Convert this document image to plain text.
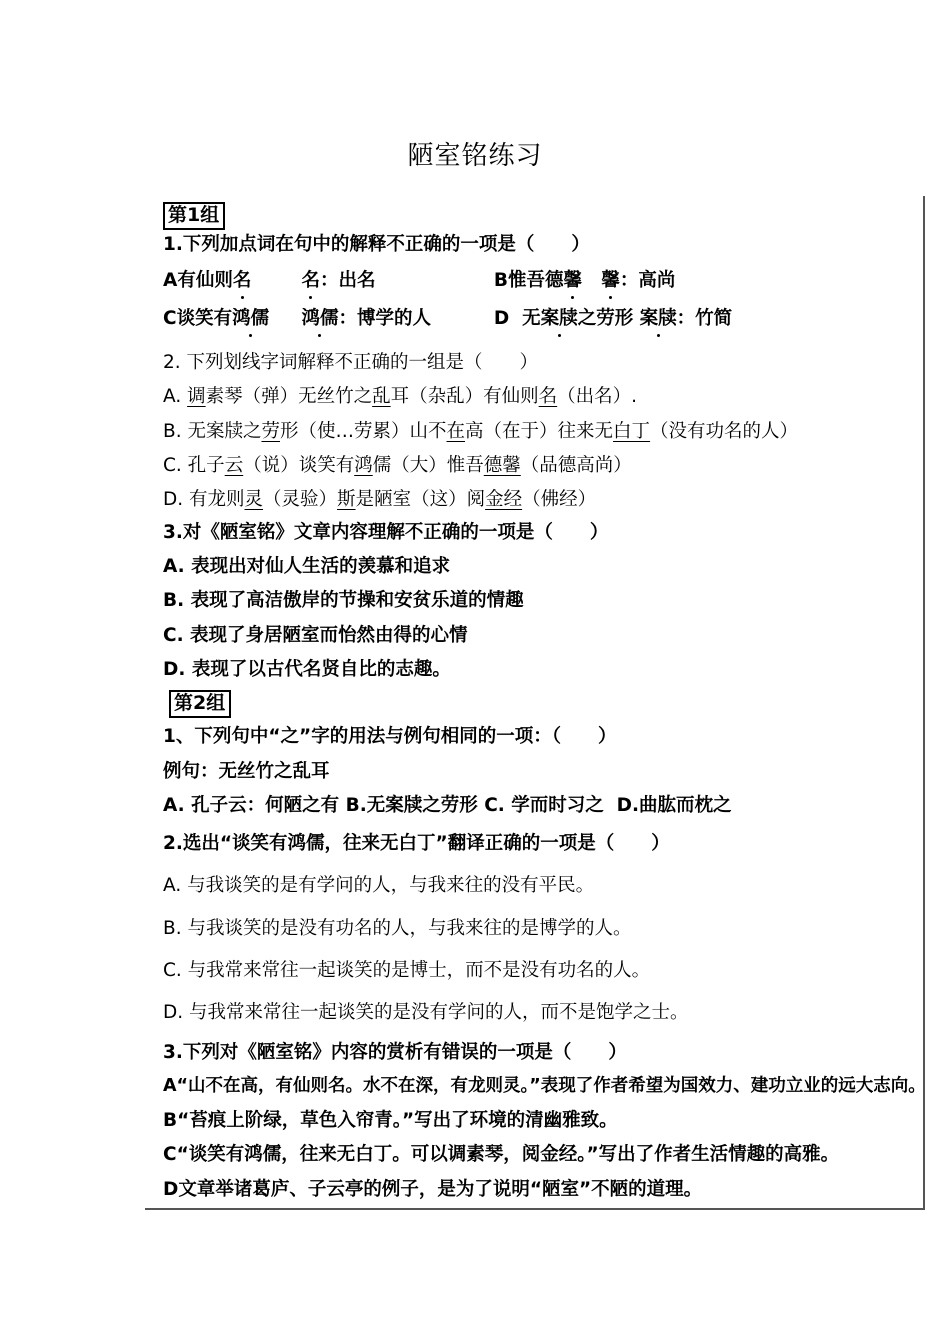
陋室铭练习
第1组
1.下列加点词在句中的解释不正确的一项是（　　）
A有仙则名	名：出名	B惟吾德馨 馨：高尚
C谈笑有鸿儒 鸿儒：博学的人	D 无案牍之劳形 案牍：竹简
2. 下列划线字词解释不正确的一组是（　　）
A. 调素琴（弹）无丝竹之乱耳（杂乱）有仙则名（出名）.
B. 无案牍之劳形（使…劳累）山不在高（在于）往来无白丁（没有功名的人）
C. 孔子云（说）谈笑有鸿儒（大）惟吾德馨（品德高尚）
D. 有龙则灵（灵验）斯是陋室（这）阅金经（佛经）
3.对《陋室铭》文章内容理解不正确的一项是（　　）
A. 表现出对仙人生活的羡慕和追求
B. 表现了高洁傲岸的节操和安贫乐道的情趣
C. 表现了身居陋室而怡然由得的心情
D. 表现了以古代名贤自比的志趣。
第2组
1、下列句中“之”字的用法与例句相同的一项：（　　）
例句：无丝竹之乱耳
A. 孔子云：何陋之有 B.无案牍之劳形 C. 学而时习之 D.曲肱而枕之
2.选出“谈笑有鸿儒，往来无白丁”翻译正确的一项是（　　）
A. 与我谈笑的是有学问的人，与我来往的没有平民。
B. 与我谈笑的是没有功名的人，与我来往的是博学的人。
C. 与我常来常往一起谈笑的是博士，而不是没有功名的人。
D. 与我常来常往一起谈笑的是没有学问的人，而不是饱学之士。
3.下列对《陋室铭》内容的赏析有错误的一项是（　　）
A“山不在高，有仙则名。水不在深，有龙则灵。”表现了作者希望为国效力、建功立业的远大志向。
B“苔痕上阶绿，草色入帘青。”写出了环境的清幽雅致。
C“谈笑有鸿儒，往来无白丁。可以调素琴，阅金经。”写出了作者生活情趣的高雅。
D文章举诸葛庐、子云亭的例子，是为了说明“陋室”不陋的道理。
